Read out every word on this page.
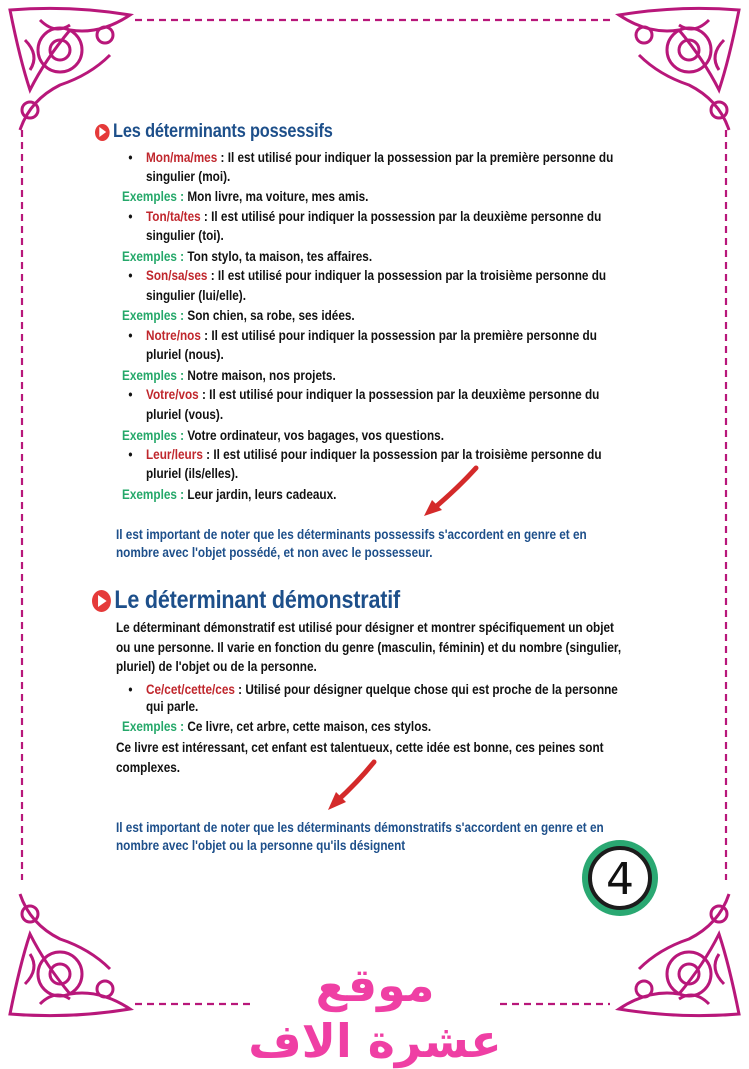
Les déterminants possessifs
• Mon/ma/mes : Il est utilisé pour indiquer la possession par la première personne du
singulier (moi).
Exemples : Mon livre, ma voiture, mes amis.
• Ton/ta/tes : Il est utilisé pour indiquer la possession par la deuxième personne du
singulier (toi).
Exemples : Ton stylo, ta maison, tes affaires.
• Son/sa/ses : Il est utilisé pour indiquer la possession par la troisième personne du
singulier (lui/elle).
Exemples : Son chien, sa robe, ses idées.
• Notre/nos : Il est utilisé pour indiquer la possession par la première personne du
pluriel (nous).
Exemples : Notre maison, nos projets.
• Votre/vos : Il est utilisé pour indiquer la possession par la deuxième personne du
pluriel (vous).
Exemples : Votre ordinateur, vos bagages, vos questions.
• Leur/leurs : Il est utilisé pour indiquer la possession par la troisième personne du
pluriel (ils/elles).
Exemples : Leur jardin, leurs cadeaux.
Il est important de noter que les déterminants possessifs s'accordent en genre et en
nombre avec l'objet possédé, et non avec le possesseur.
Le déterminant démonstratif
Le déterminant démonstratif est utilisé pour désigner et montrer spécifiquement un objet
ou une personne. Il varie en fonction du genre (masculin, féminin) et du nombre (singulier,
pluriel) de l'objet ou de la personne.
• Ce/cet/cette/ces : Utilisé pour désigner quelque chose qui est proche de la personne
qui parle.
Exemples : Ce livre, cet arbre, cette maison, ces stylos.
Ce livre est intéressant, cet enfant est talentueux, cette idée est bonne, ces peines sont
complexes.
Il est important de noter que les déterminants démonstratifs s'accordent en genre et en
nombre avec l'objet ou la personne qu'ils désignent
4
موقع عشرة الاف
